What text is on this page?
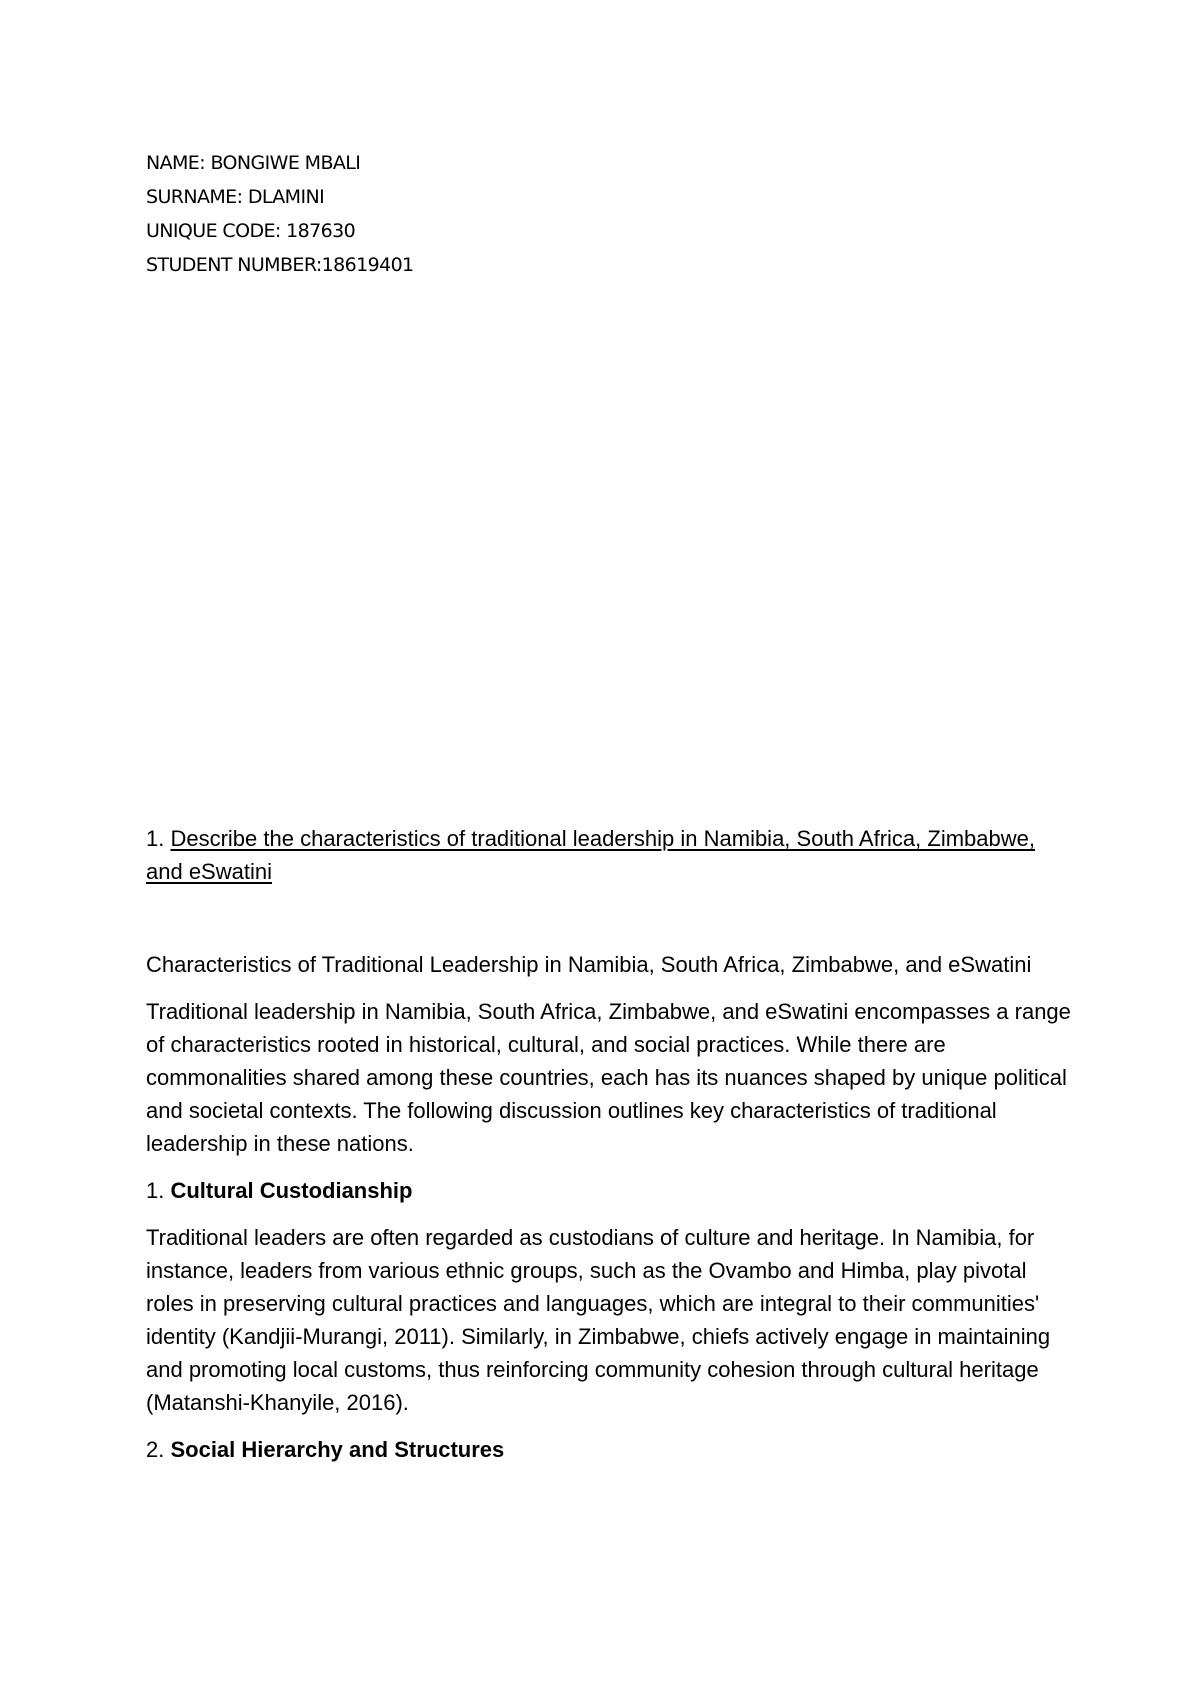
NAME: BONGIWE MBALI
SURNAME: DLAMINI
UNIQUE CODE: 187630
STUDENT NUMBER:18619401

1. Describe the characteristics of traditional leadership in Namibia, South Africa, Zimbabwe, and eSwatini

Characteristics of Traditional Leadership in Namibia, South Africa, Zimbabwe, and eSwatini

Traditional leadership in Namibia, South Africa, Zimbabwe, and eSwatini encompasses a range of characteristics rooted in historical, cultural, and social practices. While there are commonalities shared among these countries, each has its nuances shaped by unique political and societal contexts. The following discussion outlines key characteristics of traditional leadership in these nations.

1. Cultural Custodianship

Traditional leaders are often regarded as custodians of culture and heritage. In Namibia, for instance, leaders from various ethnic groups, such as the Ovambo and Himba, play pivotal roles in preserving cultural practices and languages, which are integral to their communities' identity (Kandjii-Murangi, 2011). Similarly, in Zimbabwe, chiefs actively engage in maintaining and promoting local customs, thus reinforcing community cohesion through cultural heritage (Matanshi-Khanyile, 2016).

2. Social Hierarchy and Structures
